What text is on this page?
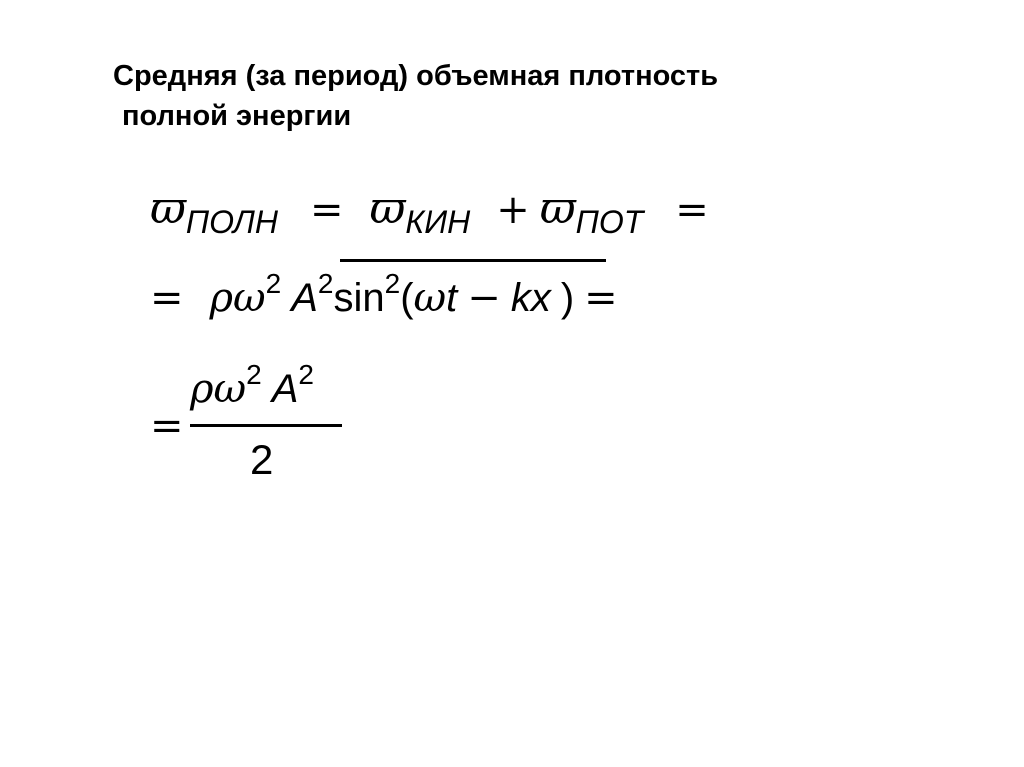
Средняя (за период) объемная плотность
полной энергии
$ϖ_{ПОЛН} = ϖ_{КИН} + ϖ_{ПОТ}$ =
= $\rho\omega^2$ $A^2\sin^2(\omega t$ − kx ) =
=
$\rho\omega^2$ $A^2$
2
